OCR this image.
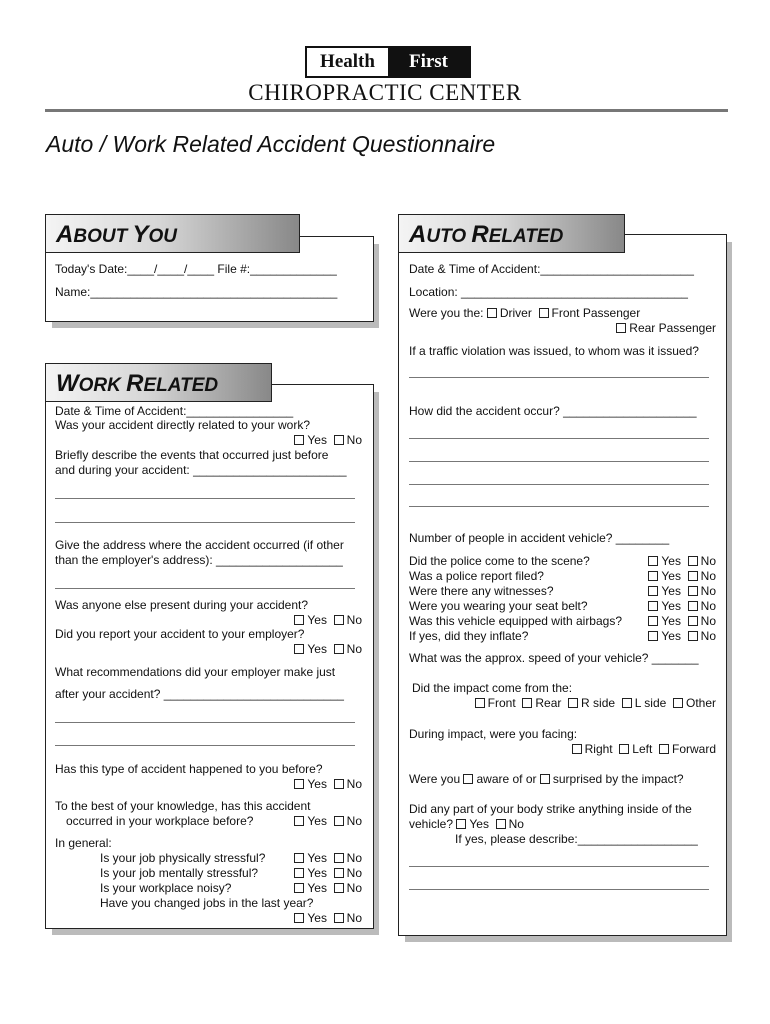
Health	First
CHIROPRACTIC CENTER
Auto / Work Related Accident Questionnaire
ABOUT YOU
Today's Date:____/____/____ File #:_____________
Name:_____________________________________
WORK RELATED
Date & Time of Accident:________________
Was your accident directly related to your work?
Yes No
Briefly describe the events that occurred just before
and during your accident: _______________________
Give the address where the accident occurred (if other
than the employer's address): ___________________
Was anyone else present during your accident?
Yes No
Did you report your accident to your employer?
Yes No
What recommendations did your employer make just
after your accident? ___________________________
Has this type of accident happened to you before?
Yes No
To the best of your knowledge, has this accident
occurred in your workplace before?	Yes No
In general:
Is your job physically stressful?	Yes No
Is your job mentally stressful?	Yes No
Is your workplace noisy?	Yes No
Have you changed jobs in the last year?
Yes No
AUTO RELATED
Date & Time of Accident:_______________________
Location: __________________________________
Were you the: Driver Front Passenger
Rear Passenger
If a traffic violation was issued, to whom was it issued?
How did the accident occur? ____________________
Number of people in accident vehicle? ________
Did the police come to the scene?	Yes No
Was a police report filed?	Yes No
Were there any witnesses?	Yes No
Were you wearing your seat belt?	Yes No
Was this vehicle equipped with airbags?	Yes No
If yes, did they inflate?	Yes No
What was the approx. speed of your vehicle? _______
Did the impact come from the:
Front Rear R side L side Other
During impact, were you facing:
Right Left Forward
Were you aware of or surprised by the impact?
Did any part of your body strike anything inside of the
vehicle? Yes No
If yes, please describe:__________________
